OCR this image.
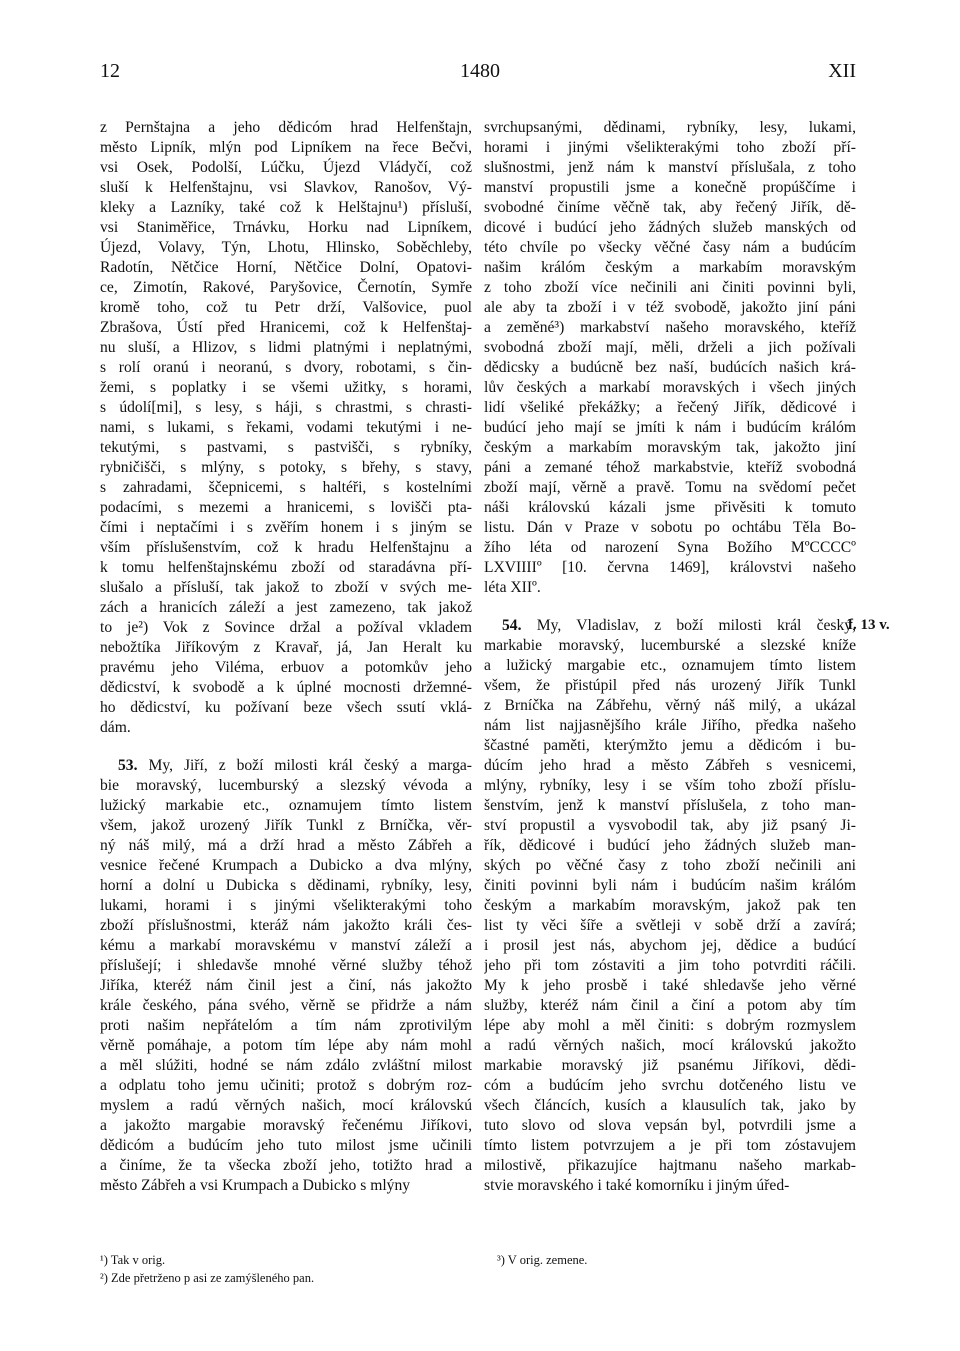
12	1480	XII
z Pernštajna a jeho dědicóm hrad Helfenštajn,
město Lipník, mlýn pod Lipníkem na řece Bečvi,
vsi Osek, Podolší, Lúčku, Újezd Vládyčí, což
sluší k Helfenštajnu, vsi Slavkov, Ranošov, Vý-
kleky a Lazníky, také což k Helštajnu¹) přísluší,
vsi Staniměřice, Trnávku, Horku nad Lipníkem,
Újezd, Volavy, Týn, Lhotu, Hlinsko, Soběchleby,
Radotín, Nětčice Horní, Nětčice Dolní, Opatovi-
ce, Zimotín, Rakové, Paryšovice, Černotín, Symře
kromě toho, což tu Petr drží, Valšovice, puol
Zbrašova, Ústí před Hranicemi, což k Helfenštaj-
nu sluší, a Hlizov, s lidmi platnými i neplatnými,
s rolí oranú i neoranú, s dvory, robotami, s čin-
žemi, s poplatky i se všemi užitky, s horami,
s údolí[mi], s lesy, s háji, s chrastmi, s chrasti-
nami, s lukami, s řekami, vodami tekutými i ne-
tekutými, s pastvami, s pastvišči, s rybníky,
rybničišči, s mlýny, s potoky, s břehy, s stavy,
s zahradami, ščepnicemi, s haltéři, s kostelními
podacími, s mezemi a hranicemi, s lovišči pta-
čími i neptačími i s zvěřím honem i s jiným se
vším příslušenstvím, což k hradu Helfenštajnu a
k tomu helfenštajnskému zboží od staradávna pří-
slušalo a přísluší, tak jakož to zboží v svých me-
zách a hranicích záleží a jest zamezeno, tak jakož
to je²) Vok z Sovince držal a požíval vkladem
nebožtíka Jiříkovým z Kravař, já, Jan Heralt ku
pravému jeho Viléma, erbuov a potomkův jeho
dědicství, k svobodě a k úplné mocnosti držemné-
ho dědicství, ku požívaní beze všech ssutí vklá-
dám.
53. My, Jiří, z boží milosti král český a marga-
bie moravský, lucemburský a slezský vévoda a
lužický markabie etc., oznamujem tímto listem
všem, jakož urozený Jiřík Tunkl z Brníčka, věr-
ný náš milý, má a drží hrad a město Zábřeh a
vesnice řečené Krumpach a Dubicko a dva mlýny,
horní a dolní u Dubicka s dědinami, rybníky, lesy,
lukami, horami i s jinými všelikterakými toho
zboží příslušnostmi, kteráž nám jakožto králi čes-
kému a markabí moravskému v manství záleží a
příslušejí; i shledavše mnohé věrné služby téhož
Jiříka, kteréž nám činil jest a činí, nás jakožto
krále českého, pána svého, věrně se přidrže a nám
proti našim nepřátelóm a tím nám zprotivilým
věrně pomáhaje, a potom tím lépe aby nám mohl
a měl slúžiti, hodné se nám zdálo zvláštní milost
a odplatu toho jemu učiniti; protož s dobrým roz-
myslem a radú věrných našich, mocí královskú
a jakožto margabie moravský řečenému Jiříkovi,
dědicóm a budúcím jeho tuto milost jsme učinili
a činíme, že ta všecka zboží jeho, totižto hrad a
město Zábřeh a vsi Krumpach a Dubicko s mlýny
svrchupsanými, dědinami, rybníky, lesy, lukami,
horami i jinými všelikterakými toho zboží pří-
slušnostmi, jenž nám k manství příslušala, z toho
manství propustili jsme a konečně propúščíme i
svobodné činíme věčně tak, aby řečený Jiřík, dě-
dicové i budúcí jeho žádných služeb manských od
této chvíle po všecky věčné časy nám a budúcím
našim králóm českým a markabím moravským
z toho zboží více nečinili ani činiti povinni byli,
ale aby ta zboží i v též svobodě, jakožto jiní páni
a zeměné³) markabství našeho moravského, kteříž
svobodná zboží mají, měli, drželi a jich požívali
dědicsky a budúcně bez naší, budúcích našich krá-
lův českých a markabí moravských i všech jiných
lidí všeliké překážky; a řečený Jiřík, dědicové i
budúcí jeho mají se jmíti k nám i budúcím králóm
českým a markabím moravským tak, jakožto jiní
páni a zemané téhož markabstvie, kteříž svobodná
zboží mají, věrně a pravě. Tomu na svědomí pečet
náši královskú kázali jsme přivěsiti k tomuto
listu. Dán v Praze v sobotu po ochtábu Těla Bo-
žího léta od narození Syna Božího MºCCCCº
LXVIIIIº [10. června 1469], královstvi našeho
léta XIIº.
54. My, Vladislav, z boží milosti král český,
markabie moravský, lucemburské a slezské kníže
a lužický margabie etc., oznamujem tímto listem
všem, že přistúpil před nás urozený Jiřík Tunkl
z Brníčka na Zábřehu, věrný náš milý, a ukázal
nám list najjasnějšího krále Jiřího, předka našeho
ščastné paměti, kterýmžto jemu a dědicóm i bu-
dúcím jeho hrad a město Zábřeh s vesnicemi,
mlýny, rybníky, lesy i se vším toho zboží příslu-
šenstvím, jenž k manství příslušela, z toho man-
ství propustil a vysvobodil tak, aby již psaný Ji-
řík, dědicové i budúcí jeho žádných služeb man-
ských po věčné časy z toho zboží nečinili ani
činiti povinni byli nám i budúcím našim králóm
českým a markabím moravským, jakož pak ten
list ty věci šíře a světleji v sobě drží a zavírá;
i prosil jest nás, abychom jej, dědice a budúcí
jeho při tom zóstaviti a jim toho potvrditi ráčili.
My k jeho prosbě i také shledavše jeho věrné
služby, kteréž nám činil a činí a potom aby tím
lépe aby mohl a měl činiti: s dobrým rozmyslem
a radú věrných našich, mocí královskú jakožto
markabie moravský již psanému Jiříkovi, dědi-
cóm a budúcím jeho svrchu dotčeného listu ve
všech článcích, kusích a klausulích tak, jako by
tuto slovo od slova vepsán byl, potvrdili jsme a
tímto listem potvrzujem a je při tom zóstavujem
milostivě, přikazujíce hajtmanu našeho markab-
stvie moravského i také komorníku i jiným úřed-
f. 13 v.
¹) Tak v orig.
²) Zde přetrženo p asi ze zamýšleného pan.
³) V orig. zemene.
